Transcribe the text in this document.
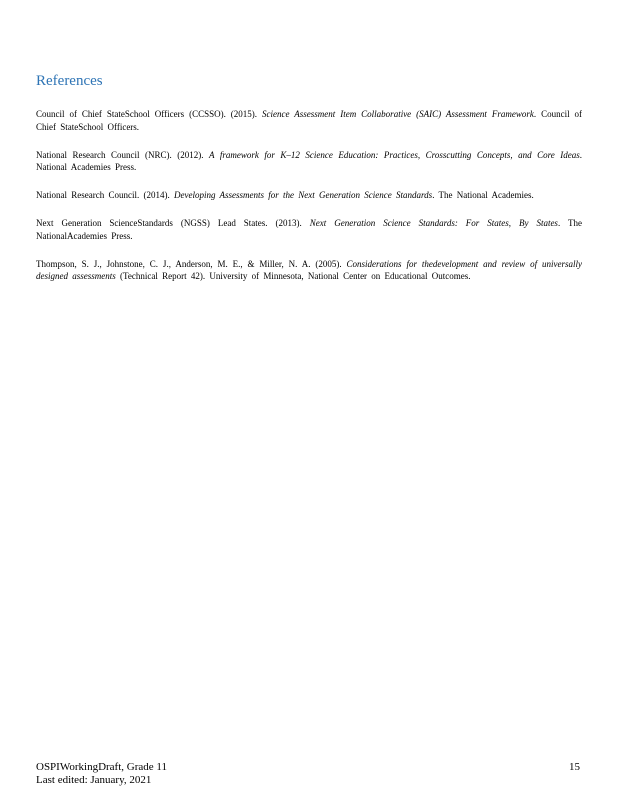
References

Council of Chief StateSchool Officers (CCSSO). (2015). Science Assessment Item Collaborative (SAIC) Assessment Framework. Council of Chief StateSchool Officers.

National Research Council (NRC). (2012). A framework for K–12 Science Education: Practices, Crosscutting Concepts, and Core Ideas. National Academies Press.

National Research Council. (2014). Developing Assessments for the Next Generation Science Standards. The National Academies.

Next Generation ScienceStandards (NGSS) Lead States. (2013). Next Generation Science Standards: For States, By States. The NationalAcademies Press.

Thompson, S. J., Johnstone, C. J., Anderson, M. E., & Miller, N. A. (2005). Considerations for thedevelopment and review of universally designed assessments (Technical Report 42). University of Minnesota, National Center on Educational Outcomes.

OSPIWorkingDraft, Grade 11
Last edited: January, 2021
15
